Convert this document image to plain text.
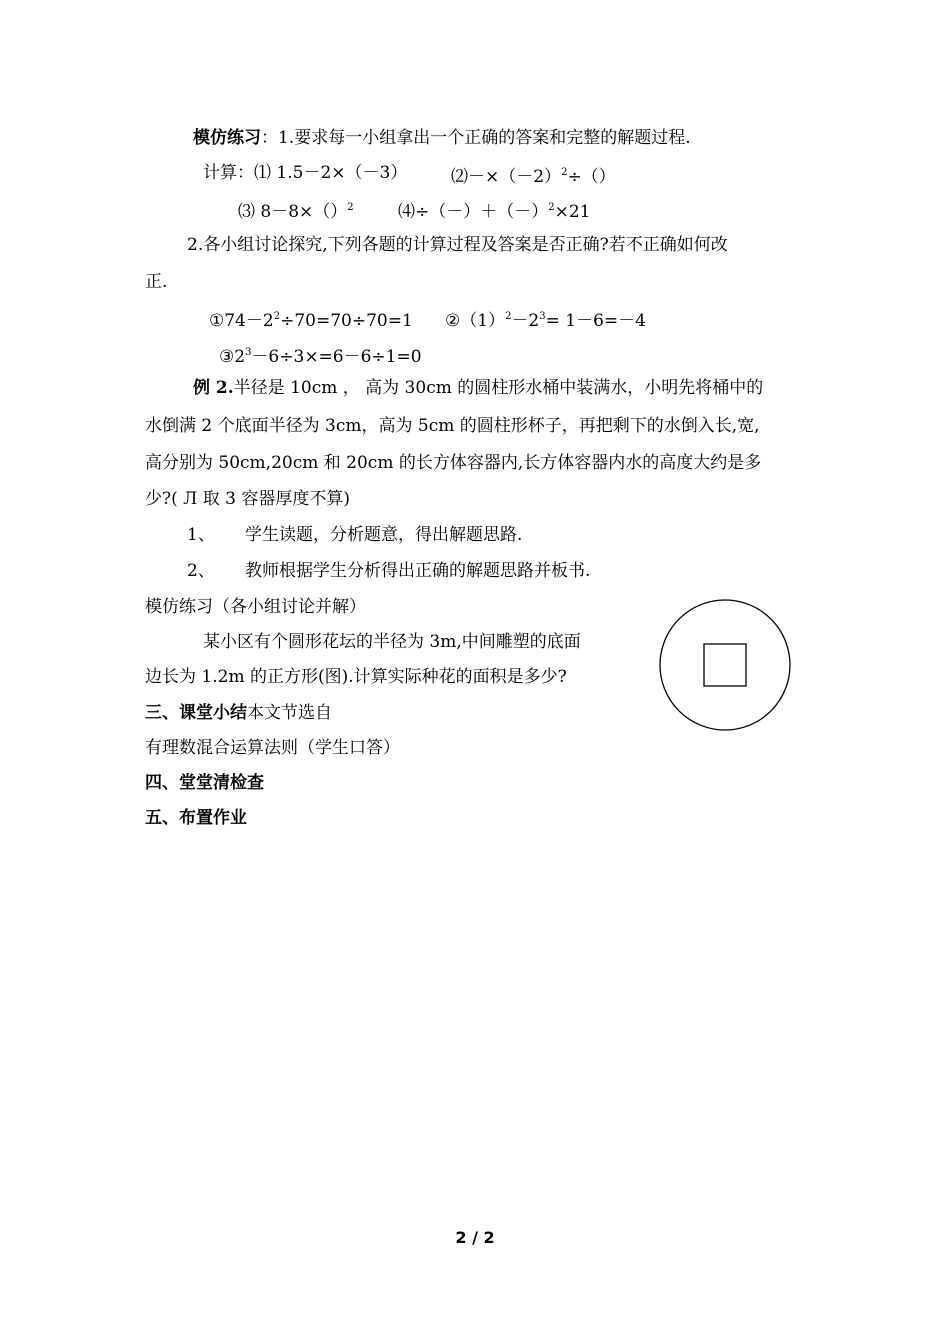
模仿练习：1.要求每一小组拿出一个正确的答案和完整的解题过程.
计算：⑴ 1.5－2×（－3）	$⑵-\times(-2)^2\div()$
⑶ 8－8×（）$^2$	$⑷\div(-)+(-)^2\times 21$
2.各小组讨论探究,下列各题的计算过程及答案是否正确?若不正确如何改
正.
$①74-2^2\div 70=70\div 70=1$ $②(1)^2-2^3= 1-6=-4$
$③2^3-6\div 3\times=6-6\div 1=0$
例 2.半径是 10cm ， 高为 30cm 的圆柱形水桶中装满水，小明先将桶中的
水倒满 2 个底面半径为 3cm，高为 5cm 的圆柱形杯子，再把剩下的水倒入长,宽,
高分别为 50cm,20cm 和 20cm 的长方体容器内,长方体容器内水的高度大约是多
少?( Л 取 3 容器厚度不算)
1、 学生读题，分析题意，得出解题思路.
2、 教师根据学生分析得出正确的解题思路并板书.
模仿练习（各小组讨论并解）
某小区有个圆形花坛的半径为 3m,中间雕塑的底面
边长为 1.2m 的正方形(图).计算实际种花的面积是多少?
三、课堂小结本文节选自
有理数混合运算法则（学生口答）
四、堂堂清检查
五、布置作业
2 / 2
